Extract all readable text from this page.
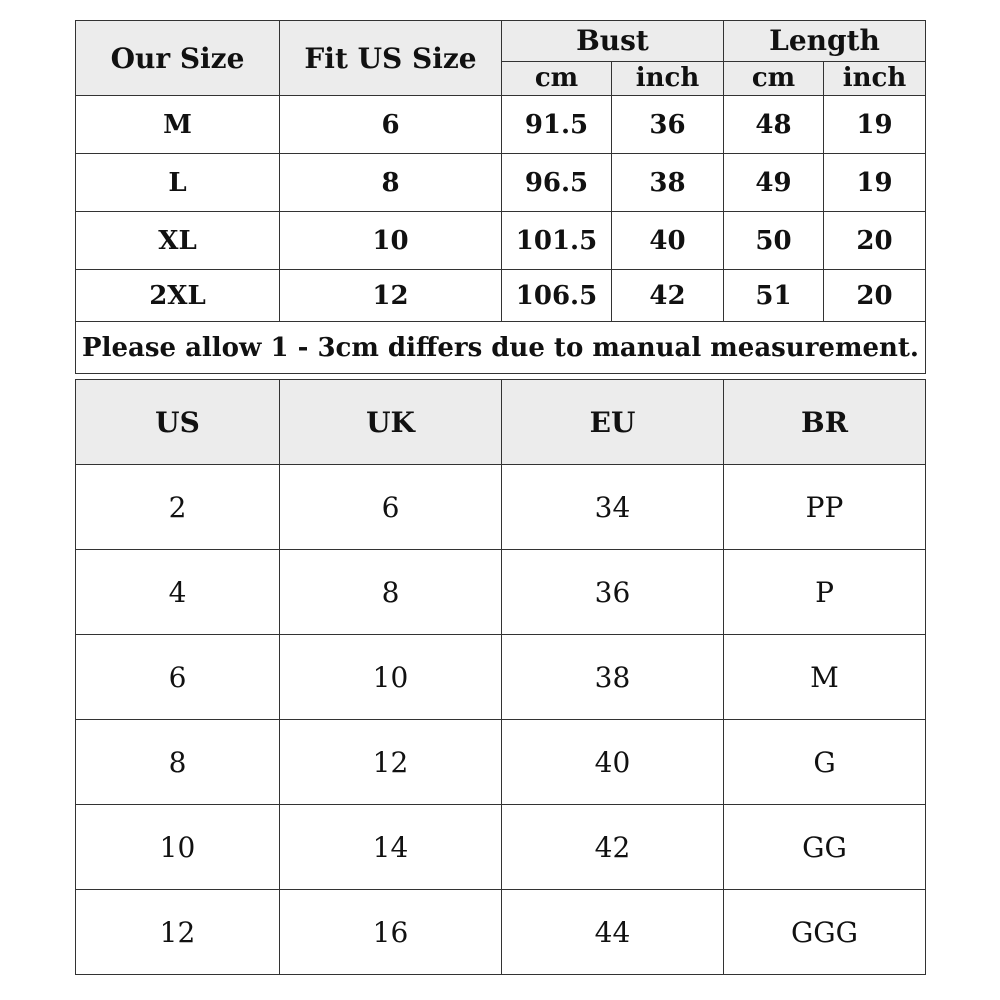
Our Size	Fit US Size	Bust		Length	
		cm	inch	cm	inch
M	6	91.5	36	48	19
L	8	96.5	38	49	19
XL	10	101.5	40	50	20
2XL	12	106.5	42	51	20
Please allow 1 - 3cm differs due to manual measurement.					
US	UK	EU	BR
2	6	34	PP
4	8	36	P
6	10	38	M
8	12	40	G
10	14	42	GG
12	16	44	GGG
